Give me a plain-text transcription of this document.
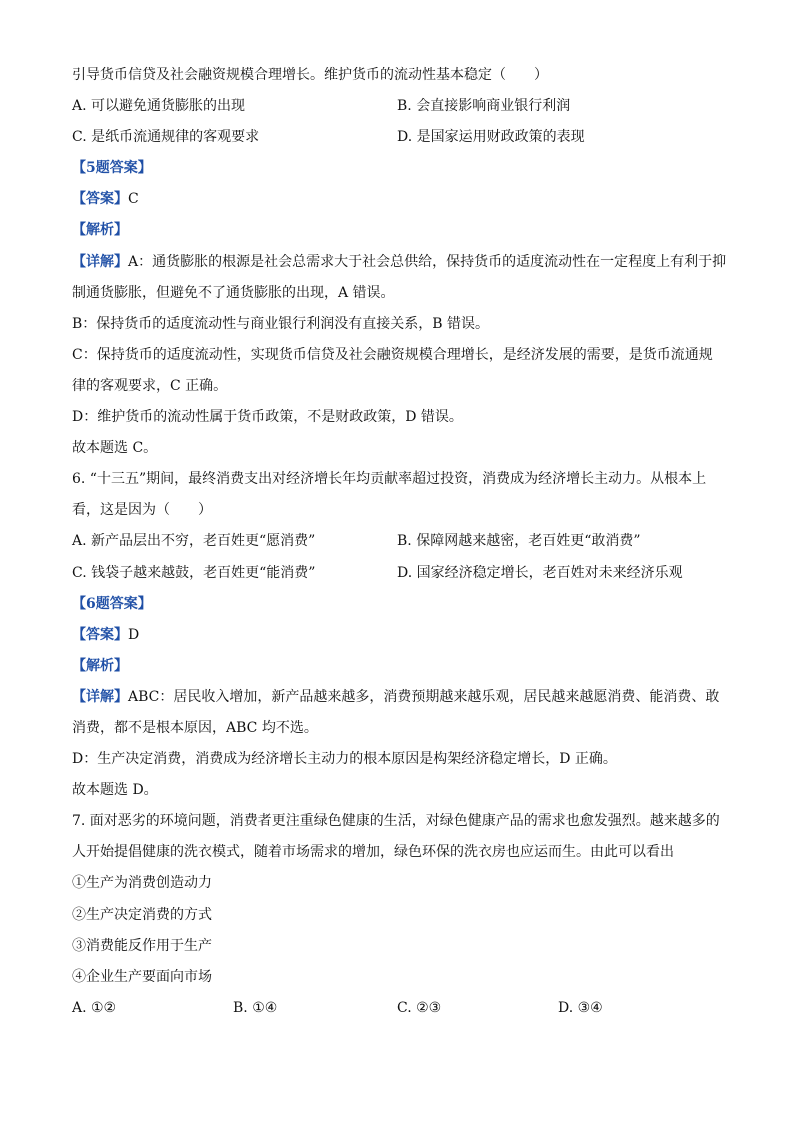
引导货币信贷及社会融资规模合理增长。维护货币的流动性基本稳定（　　）
A. 可以避免通货膨胀的出现	B. 会直接影响商业银行利润
C. 是纸币流通规律的客观要求	D. 是国家运用财政政策的表现
【5题答案】
【答案】C
【解析】
【详解】A：通货膨胀的根源是社会总需求大于社会总供给，保持货币的适度流动性在一定程度上有利于抑
制通货膨胀，但避免不了通货膨胀的出现，A 错误。
B：保持货币的适度流动性与商业银行利润没有直接关系，B 错误。
C：保持货币的适度流动性，实现货币信贷及社会融资规模合理增长，是经济发展的需要，是货币流通规
律的客观要求，C 正确。
D：维护货币的流动性属于货币政策，不是财政政策，D 错误。
故本题选 C。
6. “十三五”期间，最终消费支出对经济增长年均贡献率超过投资，消费成为经济增长主动力。从根本上
看，这是因为（　　）
A. 新产品层出不穷，老百姓更“愿消费”	B. 保障网越来越密，老百姓更“敢消费”
C. 钱袋子越来越鼓，老百姓更“能消费”	D. 国家经济稳定增长，老百姓对未来经济乐观
【6题答案】
【答案】D
【解析】
【详解】ABC：居民收入增加，新产品越来越多，消费预期越来越乐观，居民越来越愿消费、能消费、敢
消费，都不是根本原因，ABC 均不选。
D：生产决定消费，消费成为经济增长主动力的根本原因是构架经济稳定增长，D 正确。
故本题选 D。
7. 面对恶劣的环境问题，消费者更注重绿色健康的生活，对绿色健康产品的需求也愈发强烈。越来越多的
人开始提倡健康的洗衣模式，随着市场需求的增加，绿色环保的洗衣房也应运而生。由此可以看出
①生产为消费创造动力
②生产决定消费的方式
③消费能反作用于生产
④企业生产要面向市场
A. ①②	B. ①④	C. ②③	D. ③④
